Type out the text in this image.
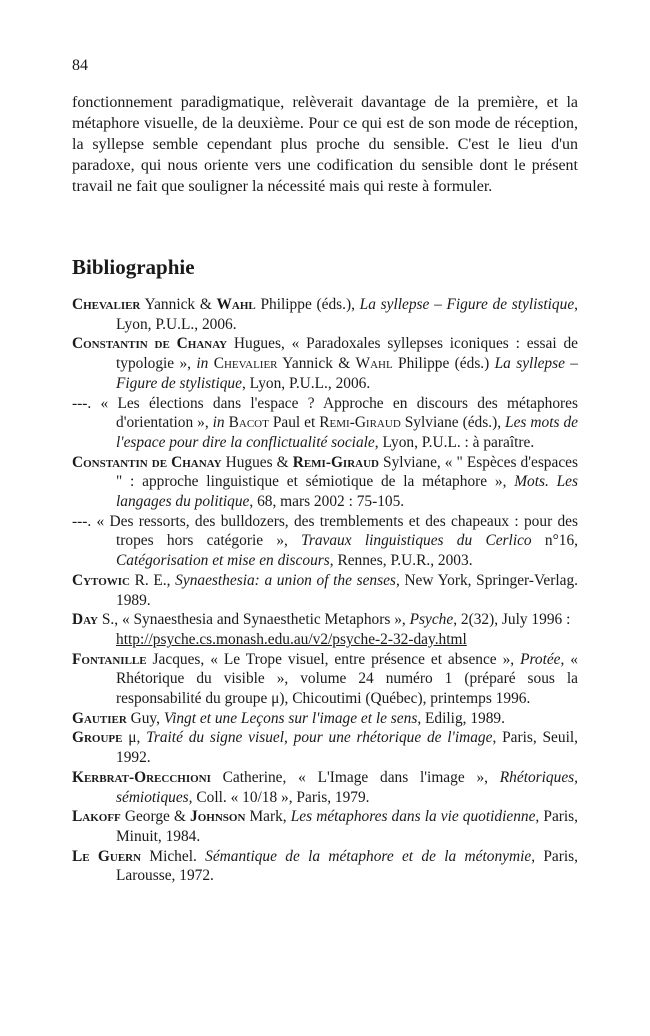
84

fonctionnement paradigmatique, relèverait davantage de la première, et la métaphore visuelle, de la deuxième. Pour ce qui est de son mode de réception, la syllepse semble cependant plus proche du sensible. C'est le lieu d'un paradoxe, qui nous oriente vers une codification du sensible dont le présent travail ne fait que souligner la nécessité mais qui reste à formuler.

Bibliographie
Chevalier Yannick & Wahl Philippe (éds.), La syllepse – Figure de stylistique, Lyon, P.U.L., 2006.
Constantin de Chanay Hugues, « Paradoxales syllepses iconiques : essai de typologie », in Chevalier Yannick & Wahl Philippe (éds.) La syllepse – Figure de stylistique, Lyon, P.U.L., 2006.
---. « Les élections dans l'espace ? Approche en discours des métaphores d'orientation », in Bacot Paul et Remi-Giraud Sylviane (éds.), Les mots de l'espace pour dire la conflictualité sociale, Lyon, P.U.L. : à paraître.
Constantin de Chanay Hugues & Remi-Giraud Sylviane, « " Espèces d'espaces " : approche linguistique et sémiotique de la métaphore », Mots. Les langages du politique, 68, mars 2002 : 75-105.
---. « Des ressorts, des bulldozers, des tremblements et des chapeaux : pour des tropes hors catégorie », Travaux linguistiques du Cerlico n°16, Catégorisation et mise en discours, Rennes, P.U.R., 2003.
Cytowic R. E., Synaesthesia: a union of the senses, New York, Springer-Verlag. 1989.
Day S., « Synaesthesia and Synaesthetic Metaphors », Psyche, 2(32), July 1996 :
http://psyche.cs.monash.edu.au/v2/psyche-2-32-day.html
Fontanille Jacques, « Le Trope visuel, entre présence et absence », Protée, « Rhétorique du visible », volume 24 numéro 1 (préparé sous la responsabilité du groupe μ), Chicoutimi (Québec), printemps 1996.
Gautier Guy, Vingt et une Leçons sur l'image et le sens, Edilig, 1989.
Groupe μ, Traité du signe visuel, pour une rhétorique de l'image, Paris, Seuil, 1992.
Kerbrat-Orecchioni Catherine, « L'Image dans l'image », Rhétoriques, sémiotiques, Coll. « 10/18 », Paris, 1979.
Lakoff George & Johnson Mark, Les métaphores dans la vie quotidienne, Paris, Minuit, 1984.
Le Guern Michel. Sémantique de la métaphore et de la métonymie, Paris, Larousse, 1972.
